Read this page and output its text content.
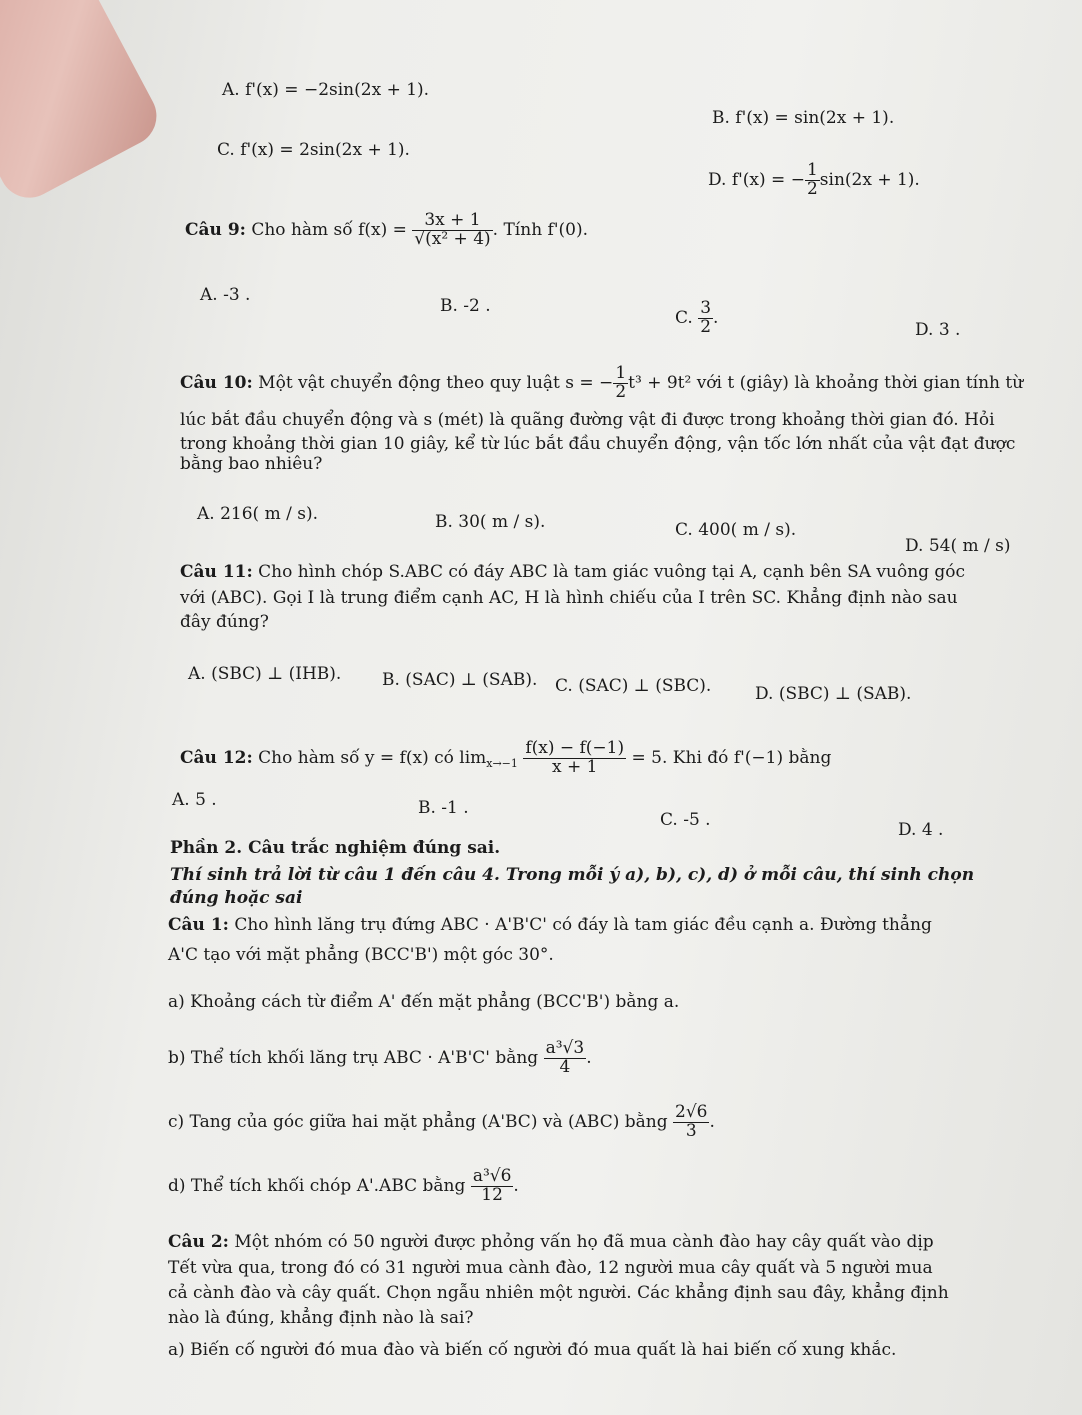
A. f'(x) = −2sin(2x + 1).
B. f'(x) = sin(2x + 1).
C. f'(x) = 2sin(2x + 1).
D. f'(x) = − $\frac{1}{2} \sin(2x + 1)$.
Câu 9: Cho hàm số $f(x) = \frac{3x + 1}{\text{√(x² + 4)}}$ . Tính f'(0).
A. -3 .
B. -2 .
C. $\frac{3}{2}$ .
D. 3 .
Câu 10: Một vật chuyển động theo quy luật s = − $\frac{1}{2} t^3 + 9t^2$ với t (giây) là khoảng thời gian tính từ
lúc bắt đầu chuyển động và s (mét) là quãng đường vật đi được trong khoảng thời gian đó. Hỏi
trong khoảng thời gian 10 giây, kể từ lúc bắt đầu chuyển động, vận tốc lớn nhất của vật đạt được
bằng bao nhiêu?
A. 216( m / s).	B. 30( m / s).	C. 400( m / s).
D. 54( m / s)
Câu 11: Cho hình chóp S.ABC có đáy ABC là tam giác vuông tại A, cạnh bên SA vuông góc
với (ABC). Gọi I là trung điểm cạnh AC, H là hình chiếu của I trên SC. Khẳng định nào sau
đây đúng?
A. (SBC) ⊥ (IHB). B. (SAC) ⊥ (SAB). C. (SAC) ⊥ (SBC).	D. (SBC) ⊥ (SAB).
Câu 12: Cho hàm số y = f(x) có $\lim_{x\to-1} \frac{f(x) - f(-1)}{x + 1} = 5$. Khi đó f'(−1) bằng
A. 5 .	B. -1 .
C. -5 .	D. 4 .
Phần 2. Câu trắc nghiệm đúng sai.
Thí sinh trả lời từ câu 1 đến câu 4. Trong mỗi ý a), b), c), d) ở mỗi câu, thí sinh chọn
đúng hoặc sai
Câu 1: Cho hình lăng trụ đứng ABC · A'B'C' có đáy là tam giác đều cạnh a. Đường thẳng
A'C tạo với mặt phẳng (BCC'B') một góc 30°.
a) Khoảng cách từ điểm A' đến mặt phẳng (BCC'B') bằng a.
b) Thể tích khối lăng trụ ABC · A'B'C' bằng $\frac{\text{a³√3}}{4}$ .
c) Tang của góc giữa hai mặt phẳng (A'BC) và (ABC) bằng $\frac{2√6}{3}$ .
d) Thể tích khối chóp A'.ABC bằng $\frac{\text{a³√6}}{12}$ .
Câu 2: Một nhóm có 50 người được phỏng vấn họ đã mua cành đào hay cây quất vào dịp
Tết vừa qua, trong đó có 31 người mua cành đào, 12 người mua cây quất và 5 người mua
cả cành đào và cây quất. Chọn ngẫu nhiên một người. Các khẳng định sau đây, khẳng định
nào là đúng, khẳng định nào là sai?
a) Biến cố người đó mua đào và biến cố người đó mua quất là hai biến cố xung khắc.
